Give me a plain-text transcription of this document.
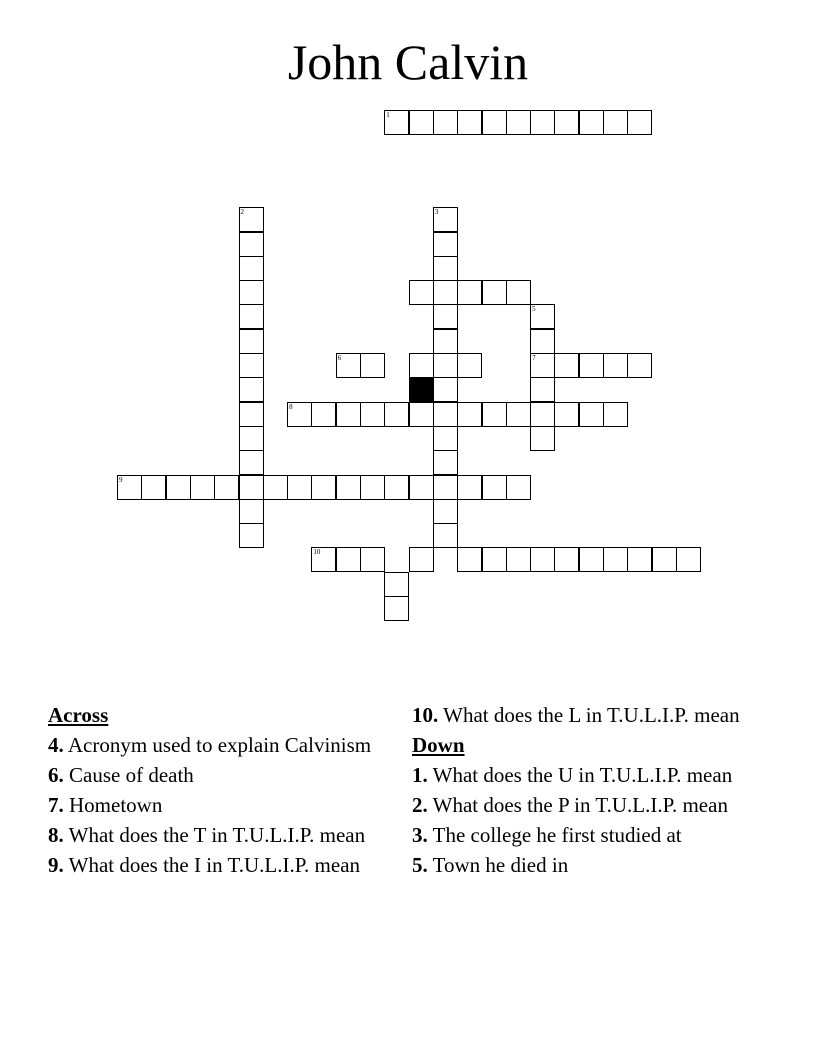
John Calvin
1
2	3
5
7
6
8
9
10
Across
4. Acronym used to explain Calvinism
6. Cause of death
7. Hometown
8. What does the T in T.U.L.I.P. mean
9. What does the I in T.U.L.I.P. mean
10. What does the L in T.U.L.I.P. mean
Down
1. What does the U in T.U.L.I.P. mean
2. What does the P in T.U.L.I.P. mean
3. The college he first studied at
5. Town he died in
